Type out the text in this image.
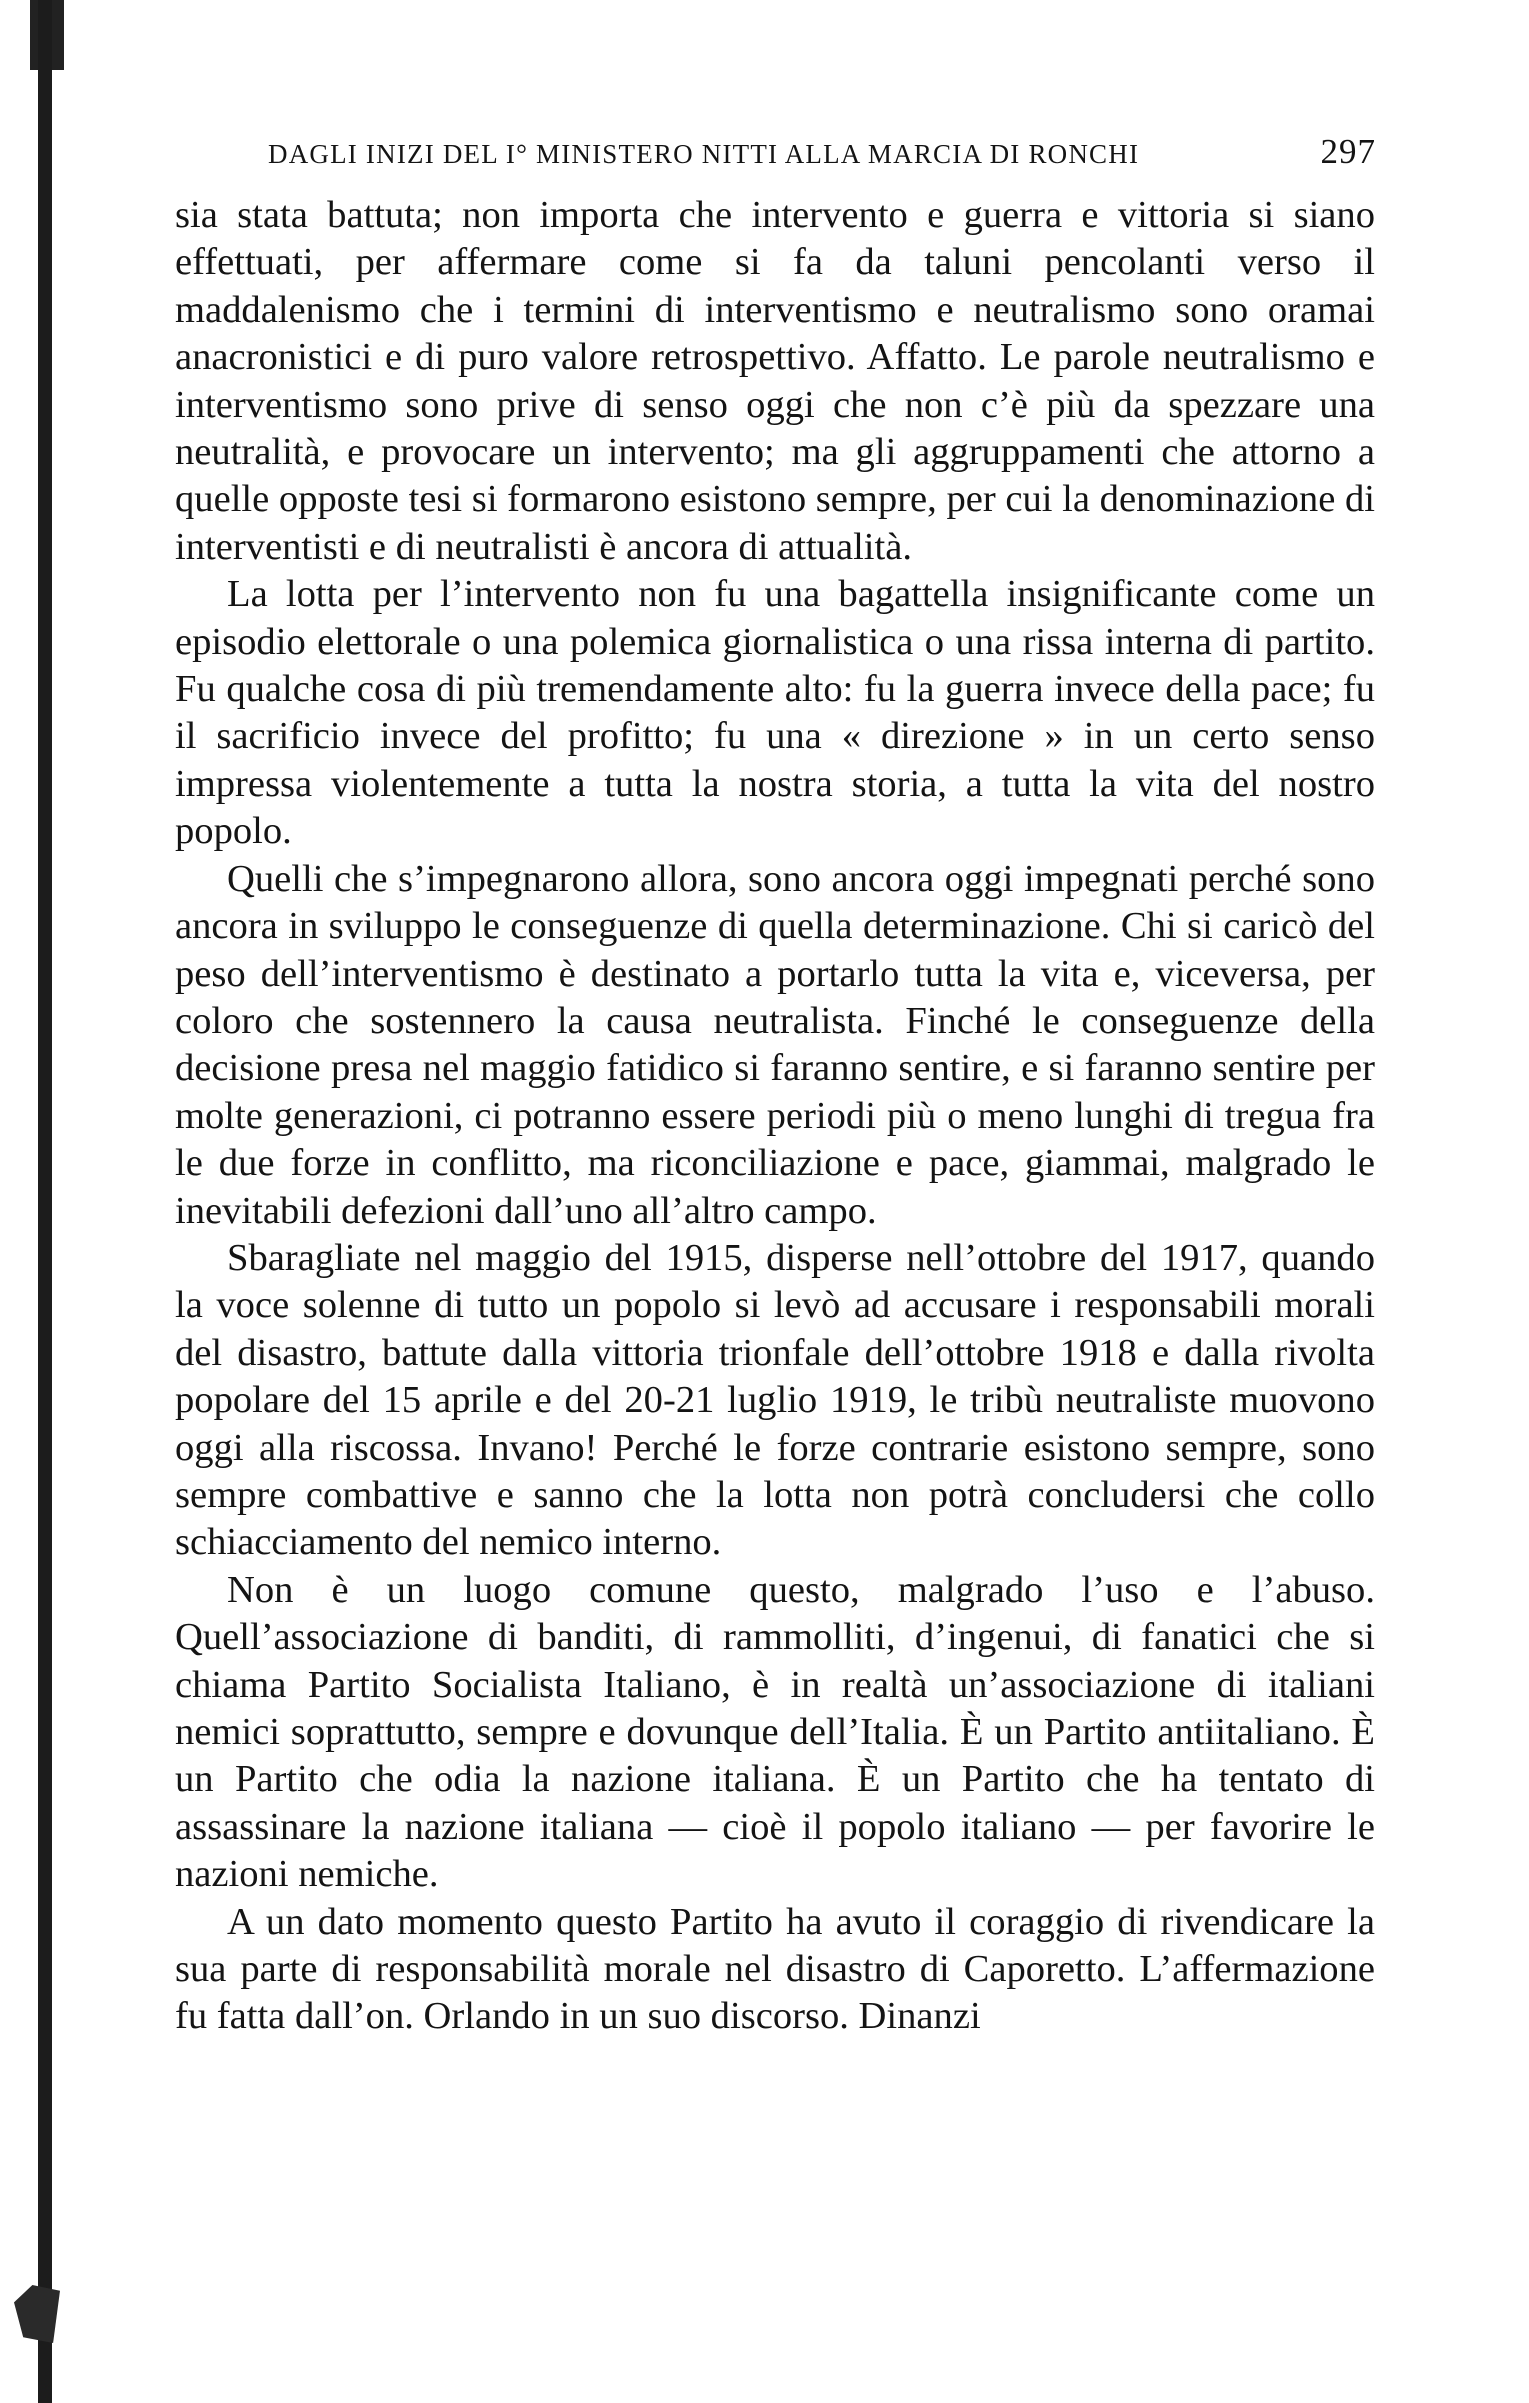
DAGLI INIZI DEL I° MINISTERO NITTI ALLA MARCIA DI RONCHI	297

sia stata battuta; non importa che intervento e guerra e vittoria si siano effettuati, per affermare come si fa da taluni pencolanti verso il maddalenismo che i termini di interventismo e neutralismo sono oramai anacronistici e di puro valore retrospettivo. Affatto. Le parole neutralismo e interventismo sono prive di senso oggi che non c’è più da spezzare una neutralità, e provocare un intervento; ma gli aggruppamenti che attorno a quelle opposte tesi si formarono esistono sempre, per cui la denominazione di interventisti e di neutralisti è ancora di attualità.

La lotta per l’intervento non fu una bagattella insignificante come un episodio elettorale o una polemica giornalistica o una rissa interna di partito. Fu qualche cosa di più tremendamente alto: fu la guerra invece della pace; fu il sacrificio invece del profitto; fu una « direzione » in un certo senso impressa violentemente a tutta la nostra storia, a tutta la vita del nostro popolo.

Quelli che s’impegnarono allora, sono ancora oggi impegnati perché sono ancora in sviluppo le conseguenze di quella determinazione. Chi si caricò del peso dell’interventismo è destinato a portarlo tutta la vita e, viceversa, per coloro che sostennero la causa neutralista. Finché le conseguenze della decisione presa nel maggio fatidico si faranno sentire, e si faranno sentire per molte generazioni, ci potranno essere periodi più o meno lunghi di tregua fra le due forze in conflitto, ma riconciliazione e pace, giammai, malgrado le inevitabili defezioni dall’uno all’altro campo.

Sbaragliate nel maggio del 1915, disperse nell’ottobre del 1917, quando la voce solenne di tutto un popolo si levò ad accusare i responsabili morali del disastro, battute dalla vittoria trionfale dell’ottobre 1918 e dalla rivolta popolare del 15 aprile e del 20-21 luglio 1919, le tribù neutraliste muovono oggi alla riscossa. Invano! Perché le forze contrarie esistono sempre, sono sempre combattive e sanno che la lotta non potrà concludersi che collo schiacciamento del nemico interno.

Non è un luogo comune questo, malgrado l’uso e l’abuso. Quell’associazione di banditi, di rammolliti, d’ingenui, di fanatici che si chiama Partito Socialista Italiano, è in realtà un’associazione di italiani nemici soprattutto, sempre e dovunque dell’Italia. È un Partito antiitaliano. È un Partito che odia la nazione italiana. È un Partito che ha tentato di assassinare la nazione italiana — cioè il popolo italiano — per favorire le nazioni nemiche.

A un dato momento questo Partito ha avuto il coraggio di rivendicare la sua parte di responsabilità morale nel disastro di Caporetto. L’affermazione fu fatta dall’on. Orlando in un suo discorso. Dinanzi
